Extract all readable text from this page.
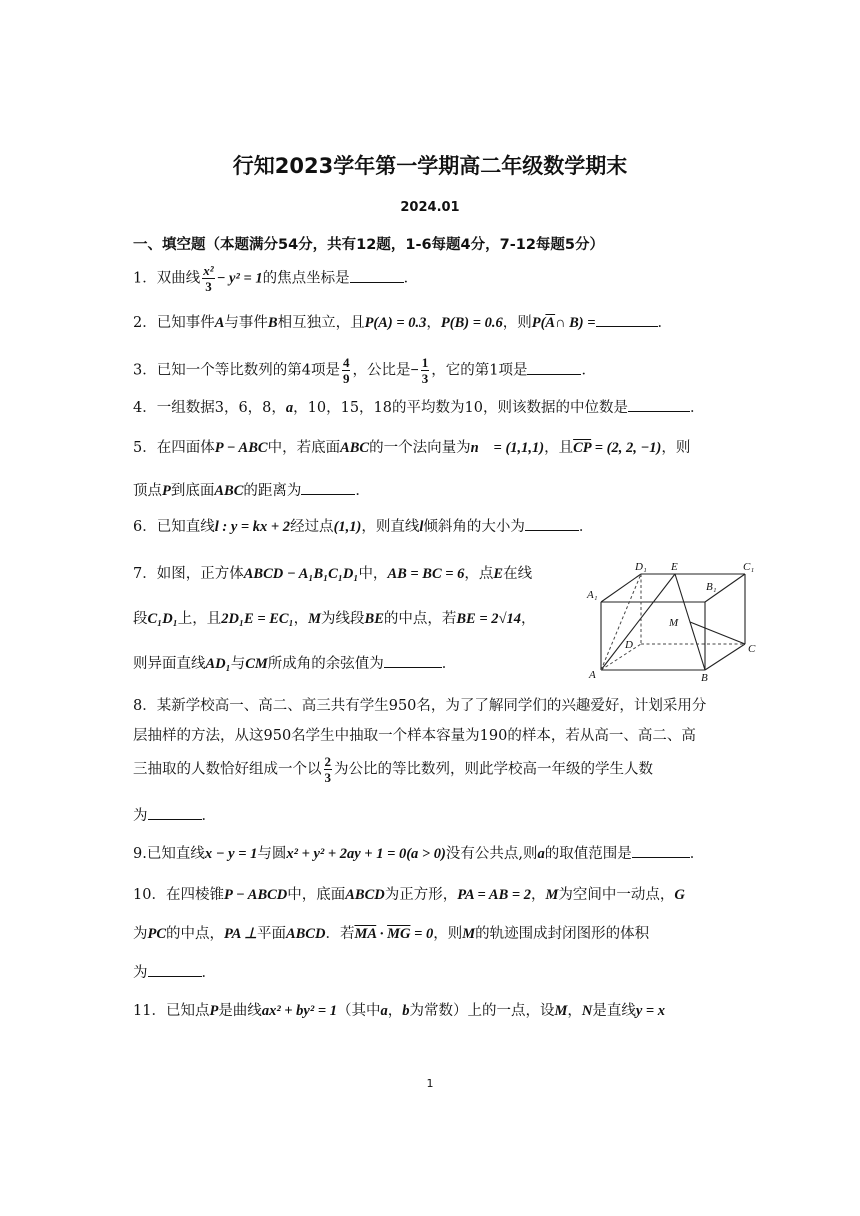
行知2023学年第一学期高二年级数学期末
2024.01
一、填空题（本题满分54分，共有12题，1-6每题4分，7-12每题5分）
1．双曲线 $\frac{\text{x²}}{3} - y^2 = 1$的焦点坐标是	．
2．已知事件A与事件B相互独立，且P(A) = 0.3，P(B) = 0.6，则$P(\overline{A}\cap$ B) =	．
3．已知一个等比数列的第4项是 $\frac{4}{9}$ ，公比是− $\frac{1}{3}$ ，它的第1项是	．
4．一组数据3，6，8，a，10，15，18的平均数为10，则该数据的中位数是	．
5．在四面体P − ABC中，若底面ABC的一个法向量为n⃗ = (1,1,1)，且$\overline{CP} = (2$, 2, −1)，则
顶点P到底面ABC的距离为	．
6．已知直线l : y = kx + 2经过点(1,1)，则直线l倾斜角的大小为	．
7．如图，正方体ABCD − A₁B₁C₁D₁中，AB = BC = 6，点E在线
段C₁D₁上，且2D₁E = EC₁，M为线段BE的中点，若BE = 2√14，
则异面直线AD₁与CM所成角的余弦值为	．
D₁ E
B₁
C₁
A₁
M
D	C
A	B
8．某新学校高一、高二、高三共有学生950名，为了了解同学们的兴趣爱好，计划采用分
层抽样的方法，从这950名学生中抽取一个样本容量为190的样本，若从高一、高二、高
三抽取的人数恰好组成一个以 $\frac{2}{3}$ 为公比的等比数列，则此学校高一年级的学生人数
为	．
9.已知直线x − y = 1与圆x² + y² + 2ay + 1 = 0(a > 0)没有公共点,则a的取值范围是	．
10．在四棱锥P − ABCD中，底面ABCD为正方形，PA = AB = 2，M为空间中一动点，G
为PC的中点，PA ⊥平面ABCD．若$\overline{MA} \cdot \overline{MG} = 0$，则M的轨迹围成封闭图形的体积
为	．
11．已知点P是曲线ax² + by² = 1（其中a，b为常数）上的一点，设M，N是直线y = x
1
